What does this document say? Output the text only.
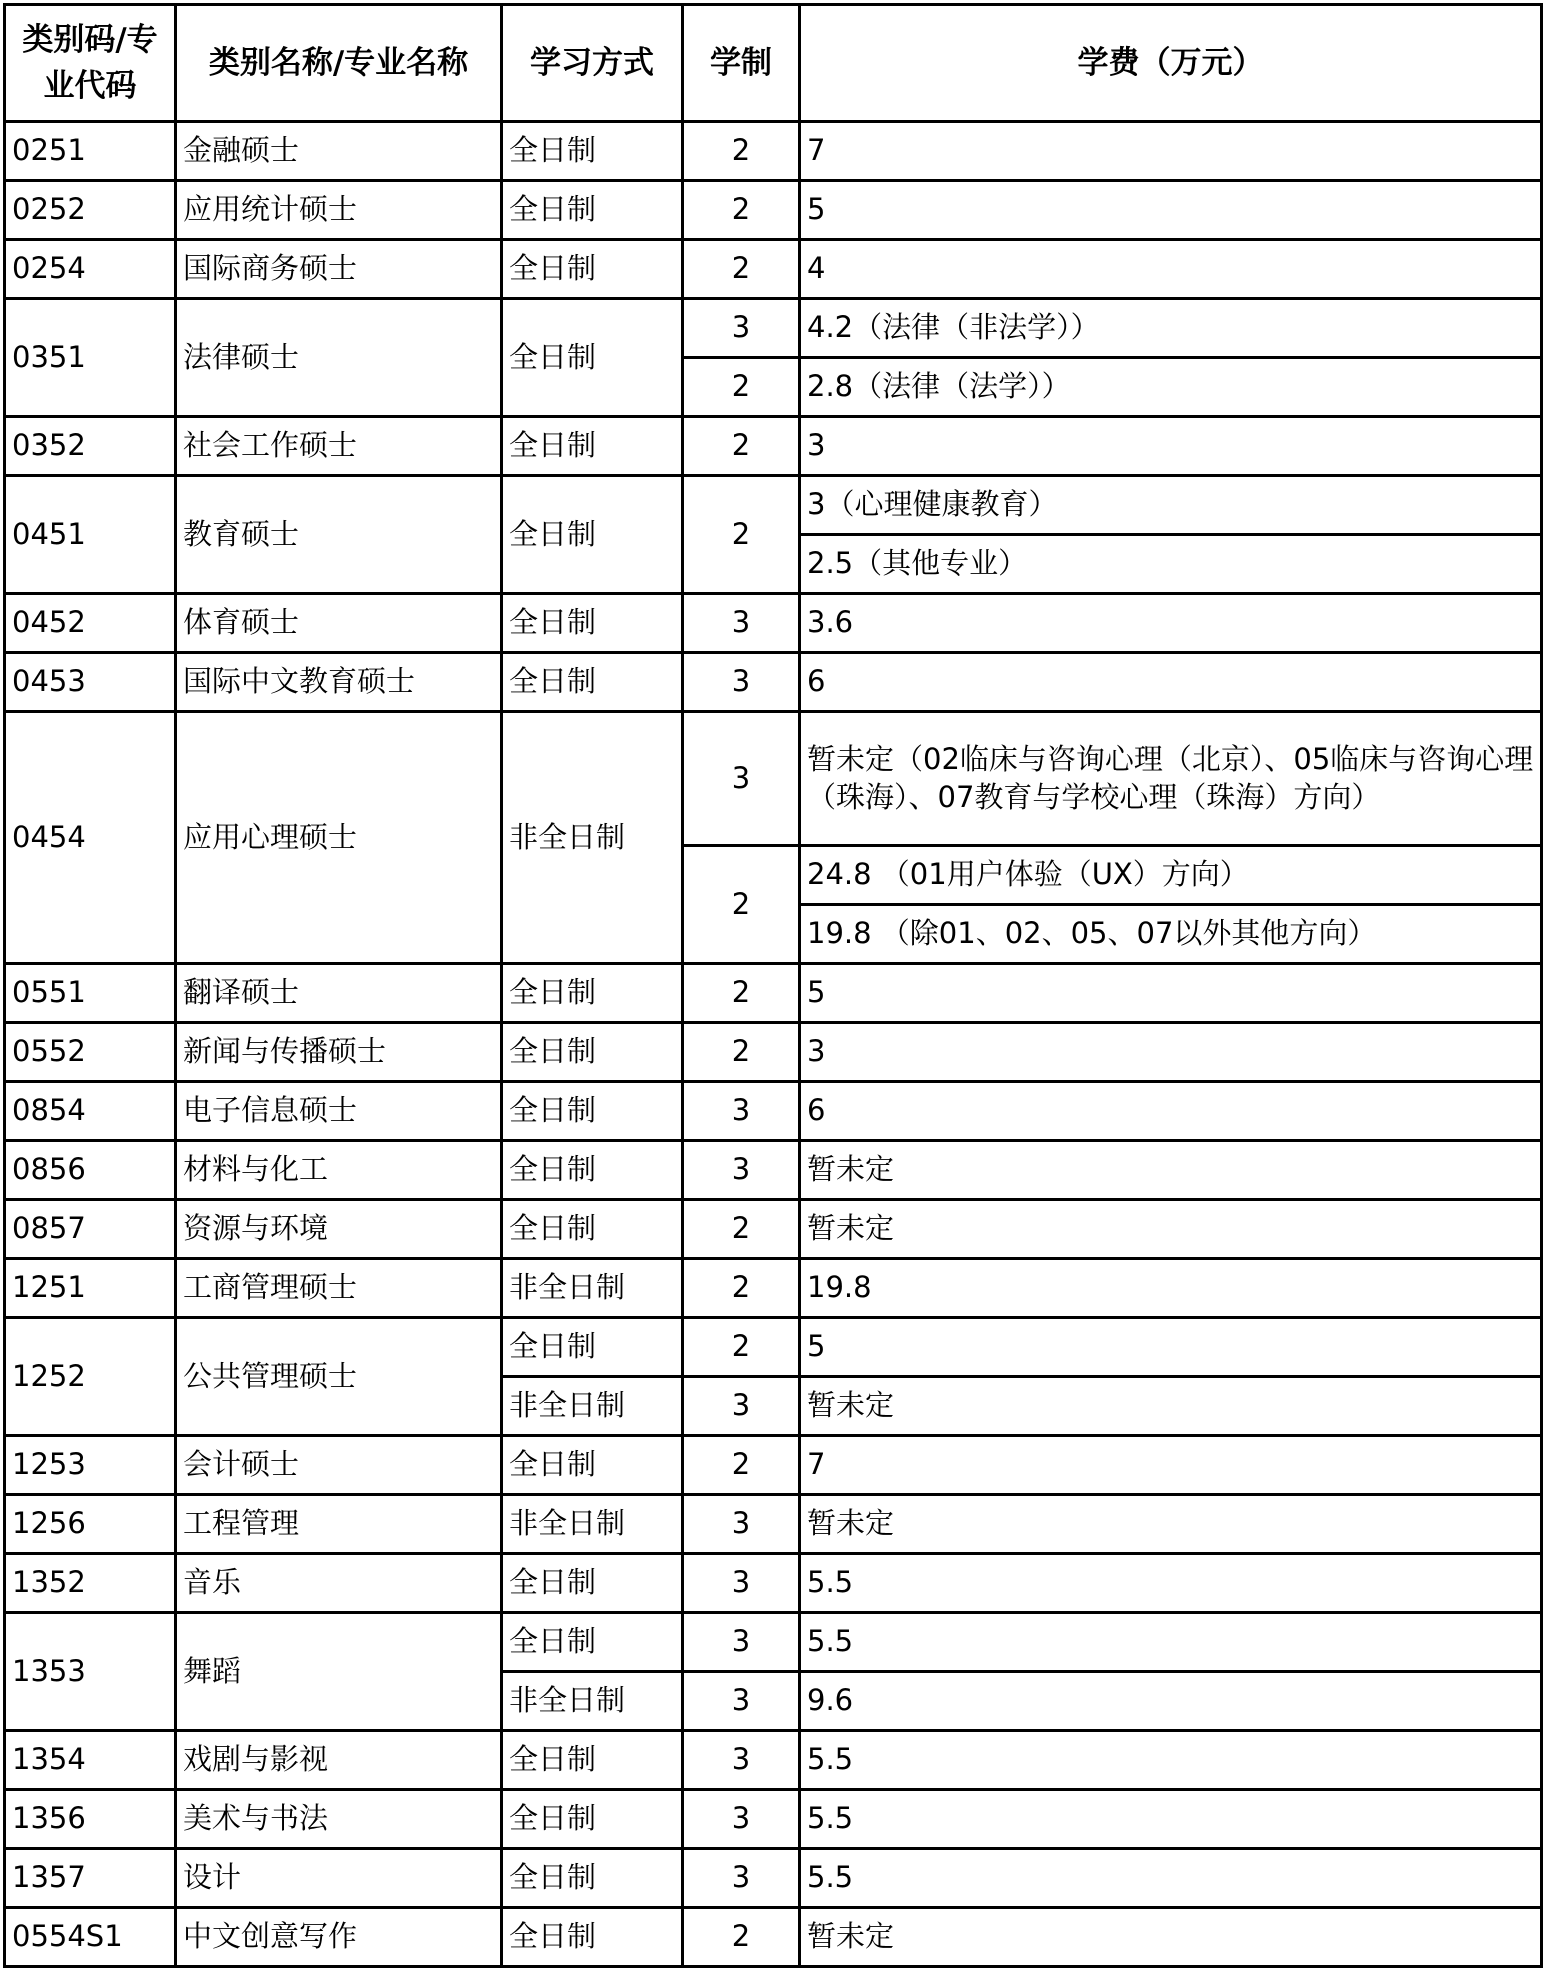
类别码/专业代码	类别名称/专业名称	学习方式	学制	学费（万元）
0251	金融硕士	全日制	2	7
0252	应用统计硕士	全日制	2	5
0254	国际商务硕士	全日制	2	4
0351	法律硕士	全日制	3	4.2（法律（非法学））
			2	2.8（法律（法学））
0352	社会工作硕士	全日制	2	3
0451	教育硕士	全日制	2	3（心理健康教育）
				2.5（其他专业）
0452	体育硕士	全日制	3	3.6
0453	国际中文教育硕士	全日制	3	6
0454	应用心理硕士	非全日制	3	暂未定（02临床与咨询心理（北京）、05临床与咨询心理（珠海）、07教育与学校心理（珠海）方向）
			2	24.8 （01用户体验（UX）方向）
				19.8 （除01、02、05、07以外其他方向）
0551	翻译硕士	全日制	2	5
0552	新闻与传播硕士	全日制	2	3
0854	电子信息硕士	全日制	3	6
0856	材料与化工	全日制	3	暂未定
0857	资源与环境	全日制	2	暂未定
1251	工商管理硕士	非全日制	2	19.8
1252	公共管理硕士	全日制	2	5
		非全日制	3	暂未定
1253	会计硕士	全日制	2	7
1256	工程管理	非全日制	3	暂未定
1352	音乐	全日制	3	5.5
1353	舞蹈	全日制	3	5.5
		非全日制	3	9.6
1354	戏剧与影视	全日制	3	5.5
1356	美术与书法	全日制	3	5.5
1357	设计	全日制	3	5.5
0554S1	中文创意写作	全日制	2	暂未定
